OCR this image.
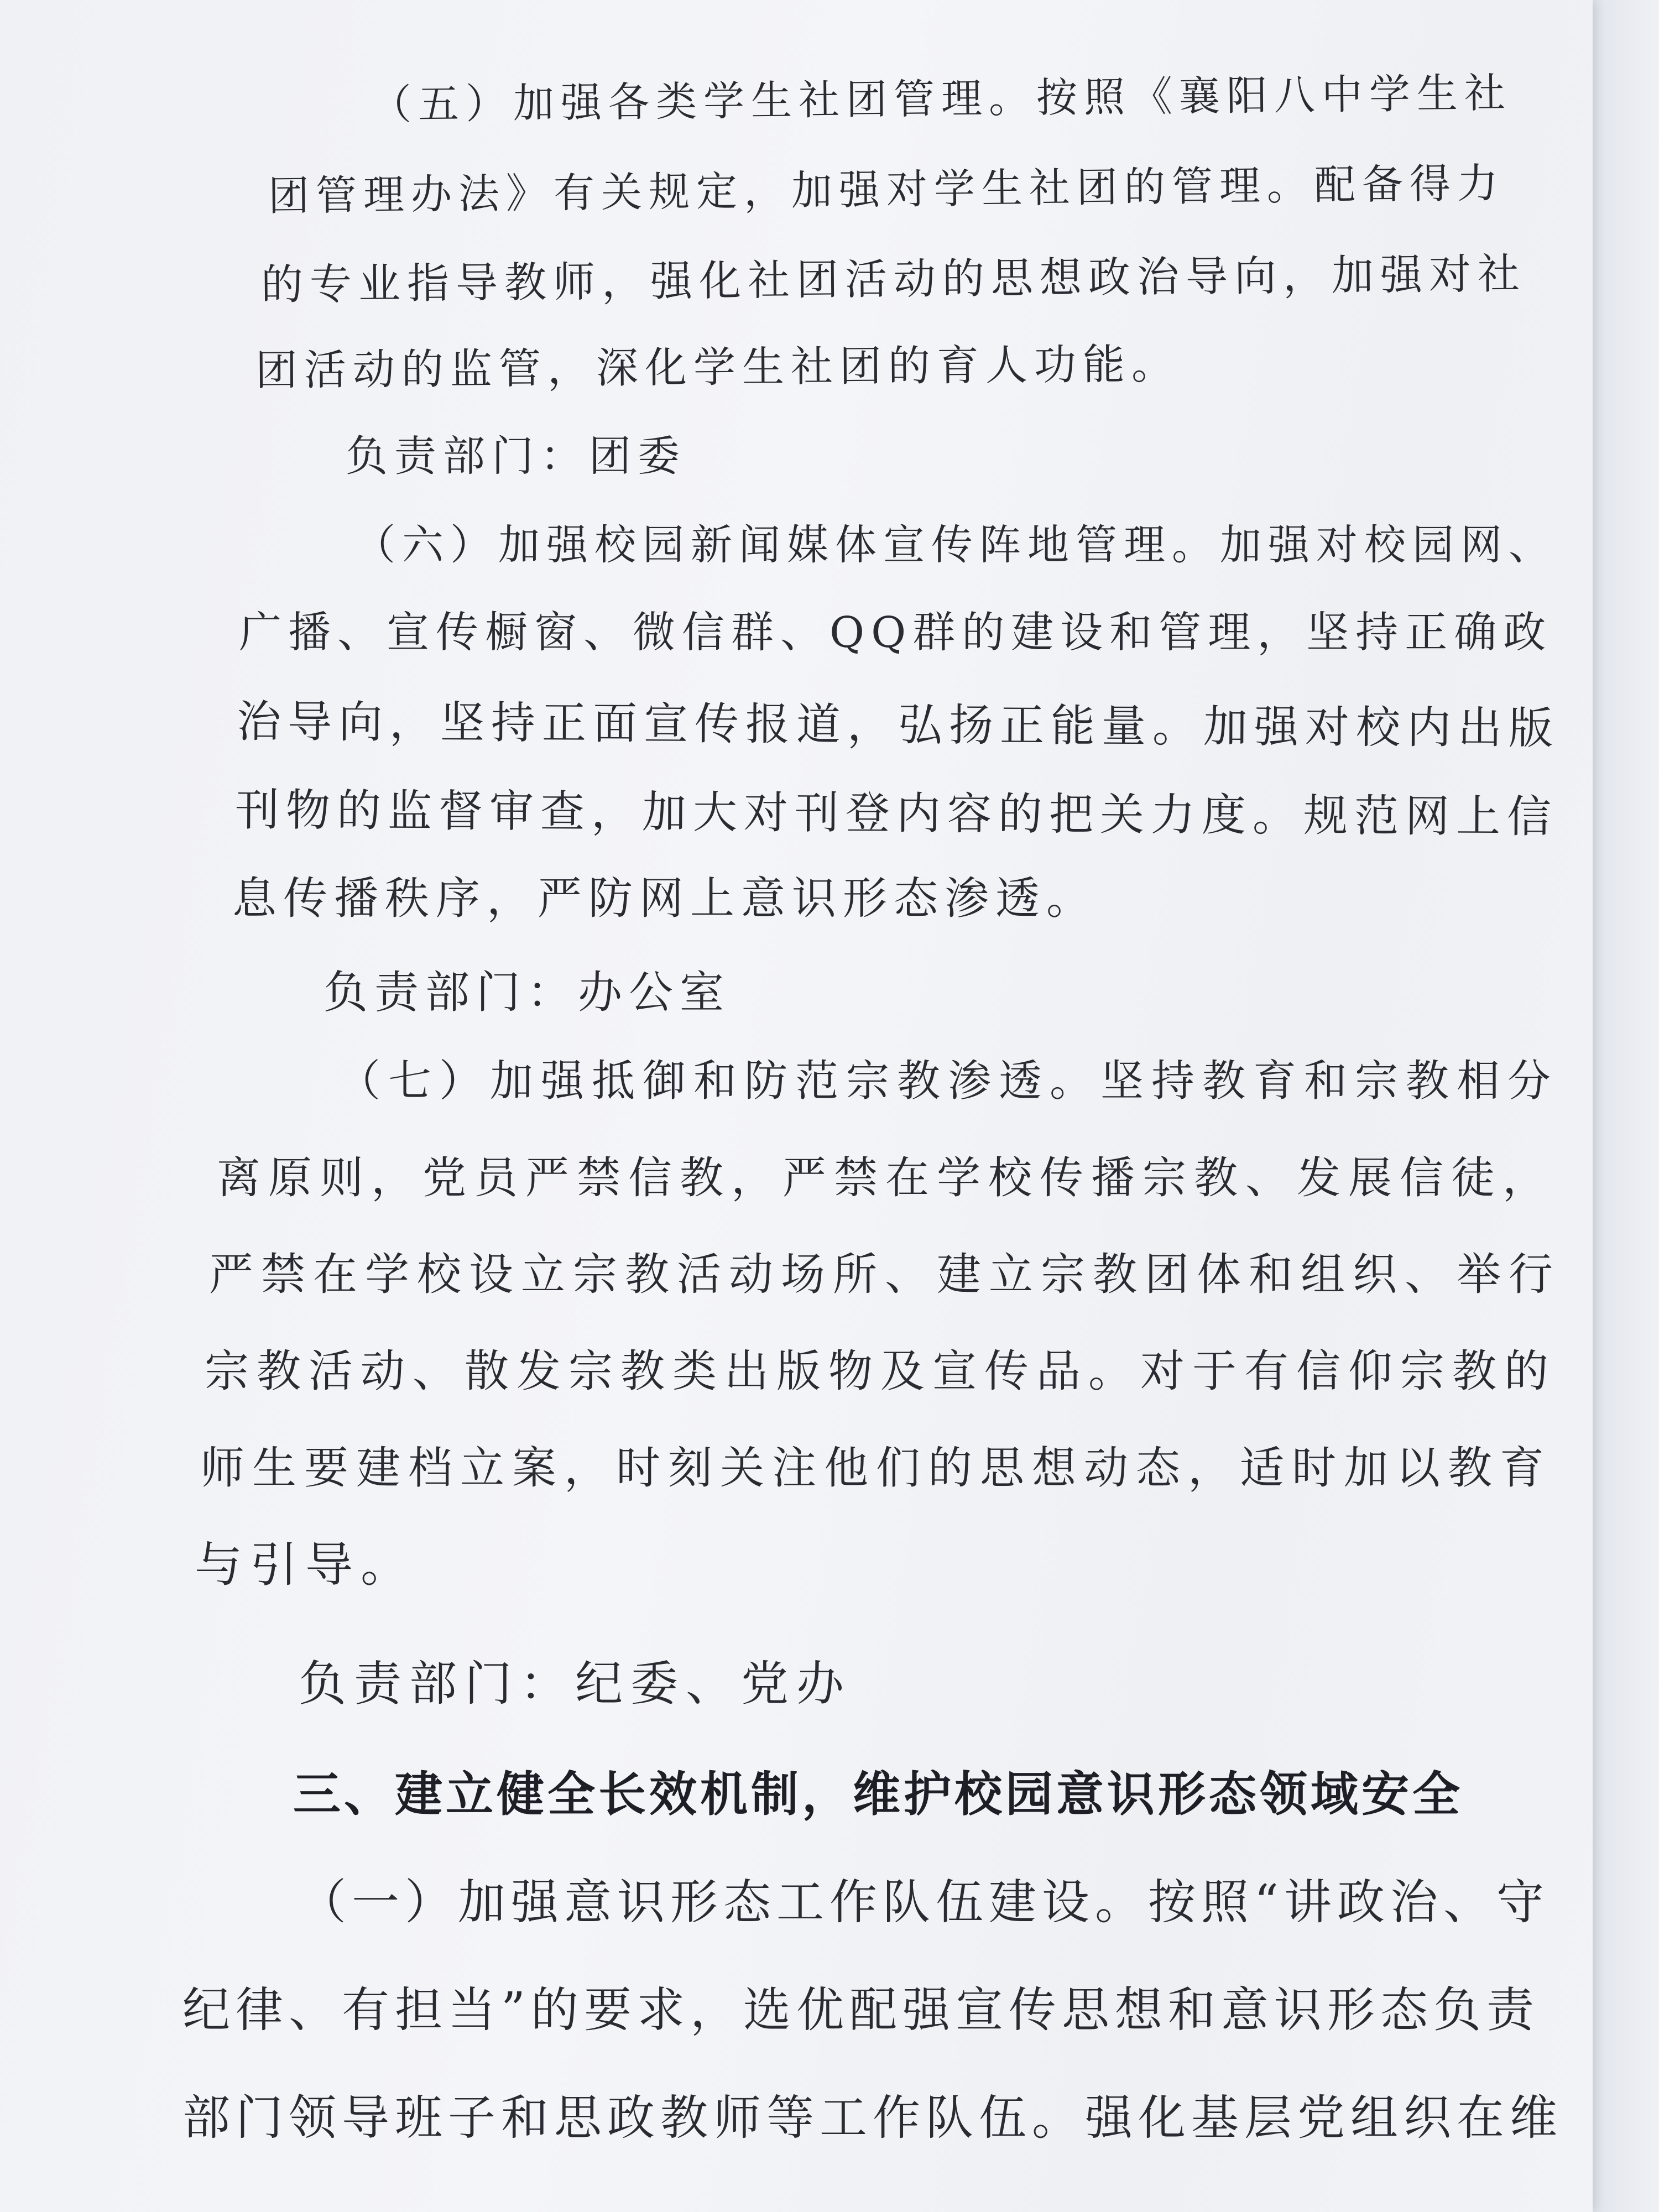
（五）加强各类学生社团管理。按照《襄阳八中学生社
团管理办法》有关规定，加强对学生社团的管理。配备得力
的专业指导教师，强化社团活动的思想政治导向，加强对社
团活动的监管，深化学生社团的育人功能。
负责部门：团委
（六）加强校园新闻媒体宣传阵地管理。加强对校园网、
广播、宣传橱窗、微信群、QQ群的建设和管理，坚持正确政
治导向，坚持正面宣传报道，弘扬正能量。加强对校内出版
刊物的监督审查，加大对刊登内容的把关力度。规范网上信
息传播秩序，严防网上意识形态渗透。
负责部门：办公室
（七）加强抵御和防范宗教渗透。坚持教育和宗教相分
离原则，党员严禁信教，严禁在学校传播宗教、发展信徒，
严禁在学校设立宗教活动场所、建立宗教团体和组织、举行
宗教活动、散发宗教类出版物及宣传品。对于有信仰宗教的
师生要建档立案，时刻关注他们的思想动态，适时加以教育
与引导。
负责部门：纪委、党办
三、建立健全长效机制，维护校园意识形态领域安全
（一）加强意识形态工作队伍建设。按照“讲政治、守
纪律、有担当”的要求，选优配强宣传思想和意识形态负责
部门领导班子和思政教师等工作队伍。强化基层党组织在维
